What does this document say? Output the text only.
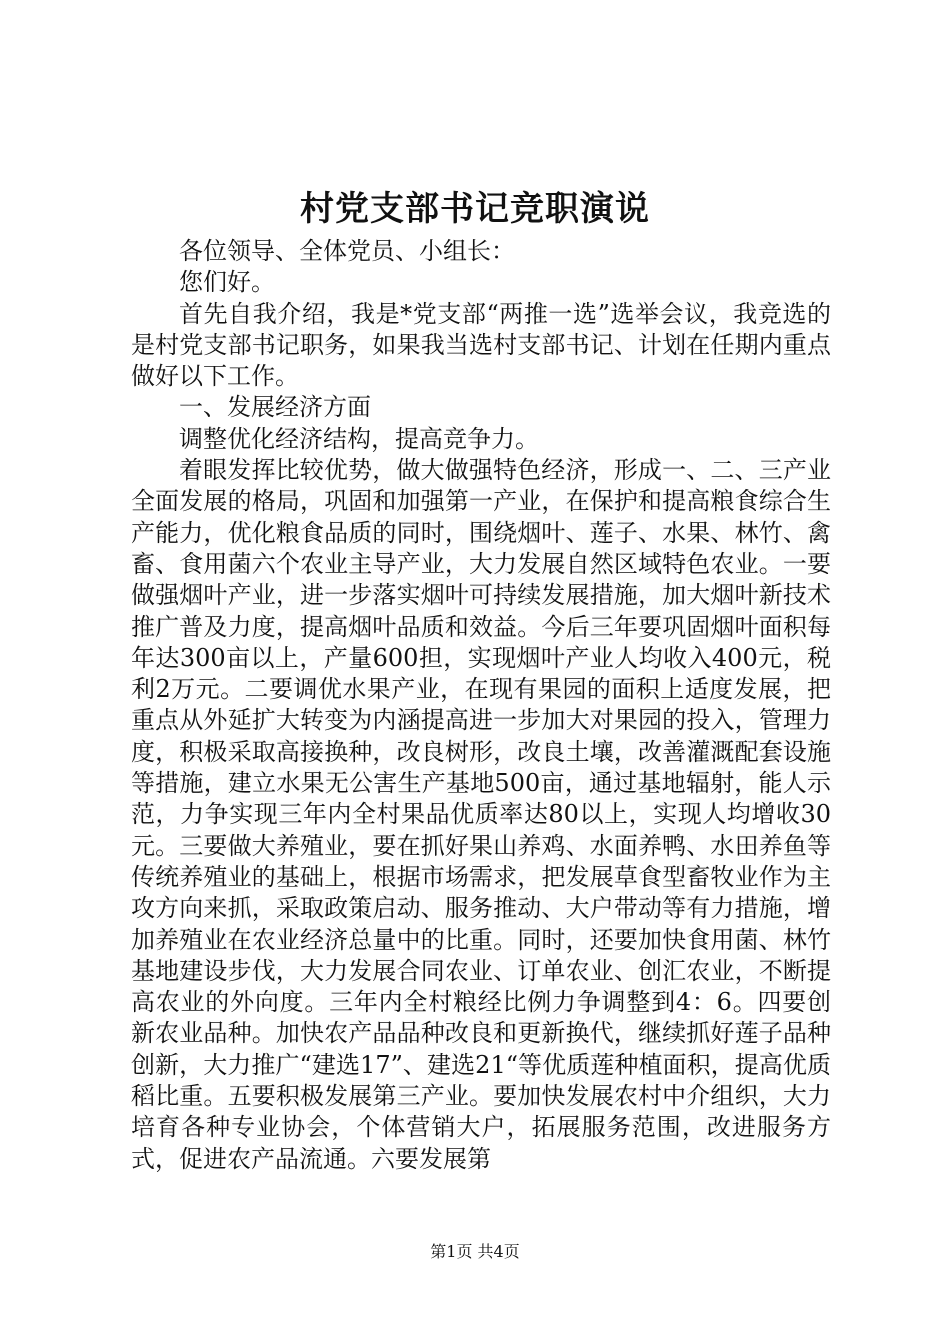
村党支部书记竞职演说

各位领导、全体党员、小组长：

您们好。

首先自我介绍，我是*党支部“两推一选”选举会议，我竞选的是村党支部书记职务，如果我当选村支部书记、计划在任期内重点做好以下工作。

一、发展经济方面

调整优化经济结构，提高竞争力。

着眼发挥比较优势，做大做强特色经济，形成一、二、三产业全面发展的格局，巩固和加强第一产业，在保护和提高粮食综合生产能力，优化粮食品质的同时，围绕烟叶、莲子、水果、林竹、禽畜、食用菌六个农业主导产业，大力发展自然区域特色农业。一要做强烟叶产业，进一步落实烟叶可持续发展措施，加大烟叶新技术推广普及力度，提高烟叶品质和效益。今后三年要巩固烟叶面积每年达300亩以上，产量600担，实现烟叶产业人均收入400元，税利2万元。二要调优水果产业，在现有果园的面积上适度发展，把重点从外延扩大转变为内涵提高进一步加大对果园的投入，管理力度，积极采取高接换种，改良树形，改良土壤，改善灌溉配套设施等措施，建立水果无公害生产基地500亩，通过基地辐射，能人示范，力争实现三年内全村果品优质率达80以上，实现人均增收30元。三要做大养殖业，要在抓好果山养鸡、水面养鸭、水田养鱼等传统养殖业的基础上，根据市场需求，把发展草食型畜牧业作为主攻方向来抓，采取政策启动、服务推动、大户带动等有力措施，增加养殖业在农业经济总量中的比重。同时，还要加快食用菌、林竹基地建设步伐，大力发展合同农业、订单农业、创汇农业，不断提高农业的外向度。三年内全村粮经比例力争调整到4：6。四要创新农业品种。加快农产品品种改良和更新换代，继续抓好莲子品种创新，大力推广“建选17”、建选21“等优质莲种植面积，提高优质稻比重。五要积极发展第三产业。要加快发展农村中介组织，大力培育各种专业协会，个体营销大户，拓展服务范围，改进服务方式，促进农产品流通。六要发展第

第1页 共4页
